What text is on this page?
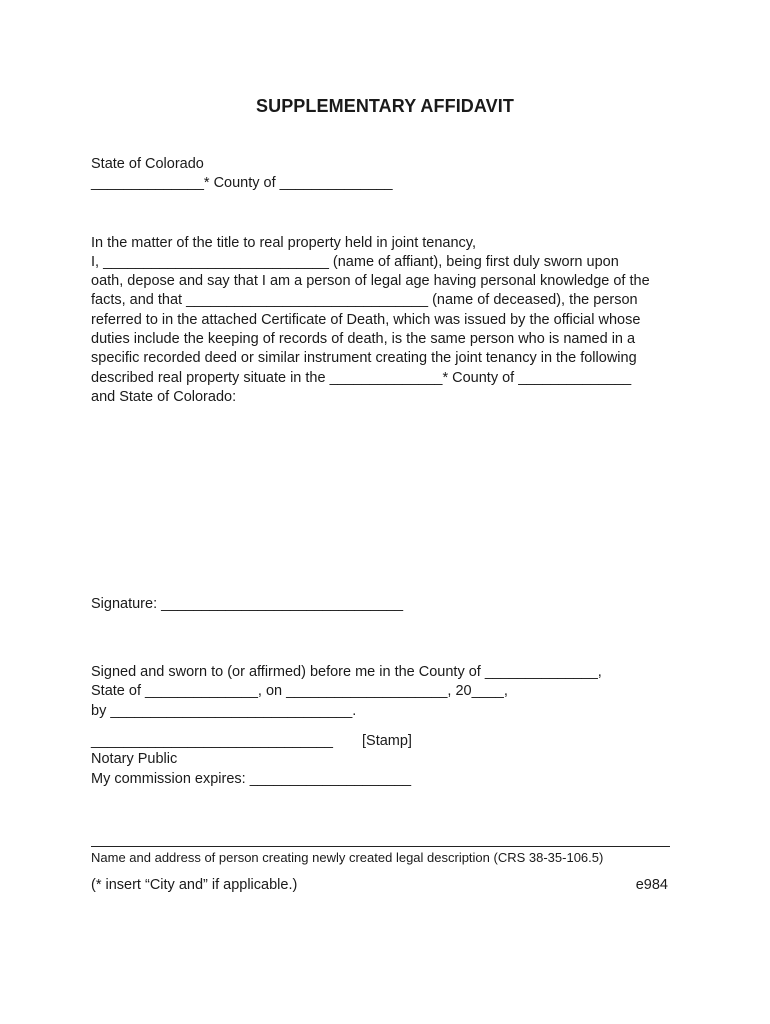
SUPPLEMENTARY AFFIDAVIT
State of Colorado
______________* County of ______________
In the matter of the title to real property held in joint tenancy,
I, ____________________________ (name of affiant), being first duly sworn upon
oath, depose and say that I am a person of legal age having personal knowledge of the
facts, and that ______________________________ (name of deceased), the person
referred to in the attached Certificate of Death, which was issued by the official whose
duties include the keeping of records of death, is the same person who is named in a
specific recorded deed or similar instrument creating the joint tenancy in the following
described real property situate in the ______________* County of ______________
and State of Colorado:
Signature: ______________________________
Signed and sworn to (or affirmed) before me in the County of ______________,
State of ______________, on ____________________, 20____,
by ______________________________.
______________________________ [Stamp]
Notary Public
My commission expires: ____________________
Name and address of person creating newly created legal description (CRS 38-35-106.5)
(* insert “City and” if applicable.)	e984
